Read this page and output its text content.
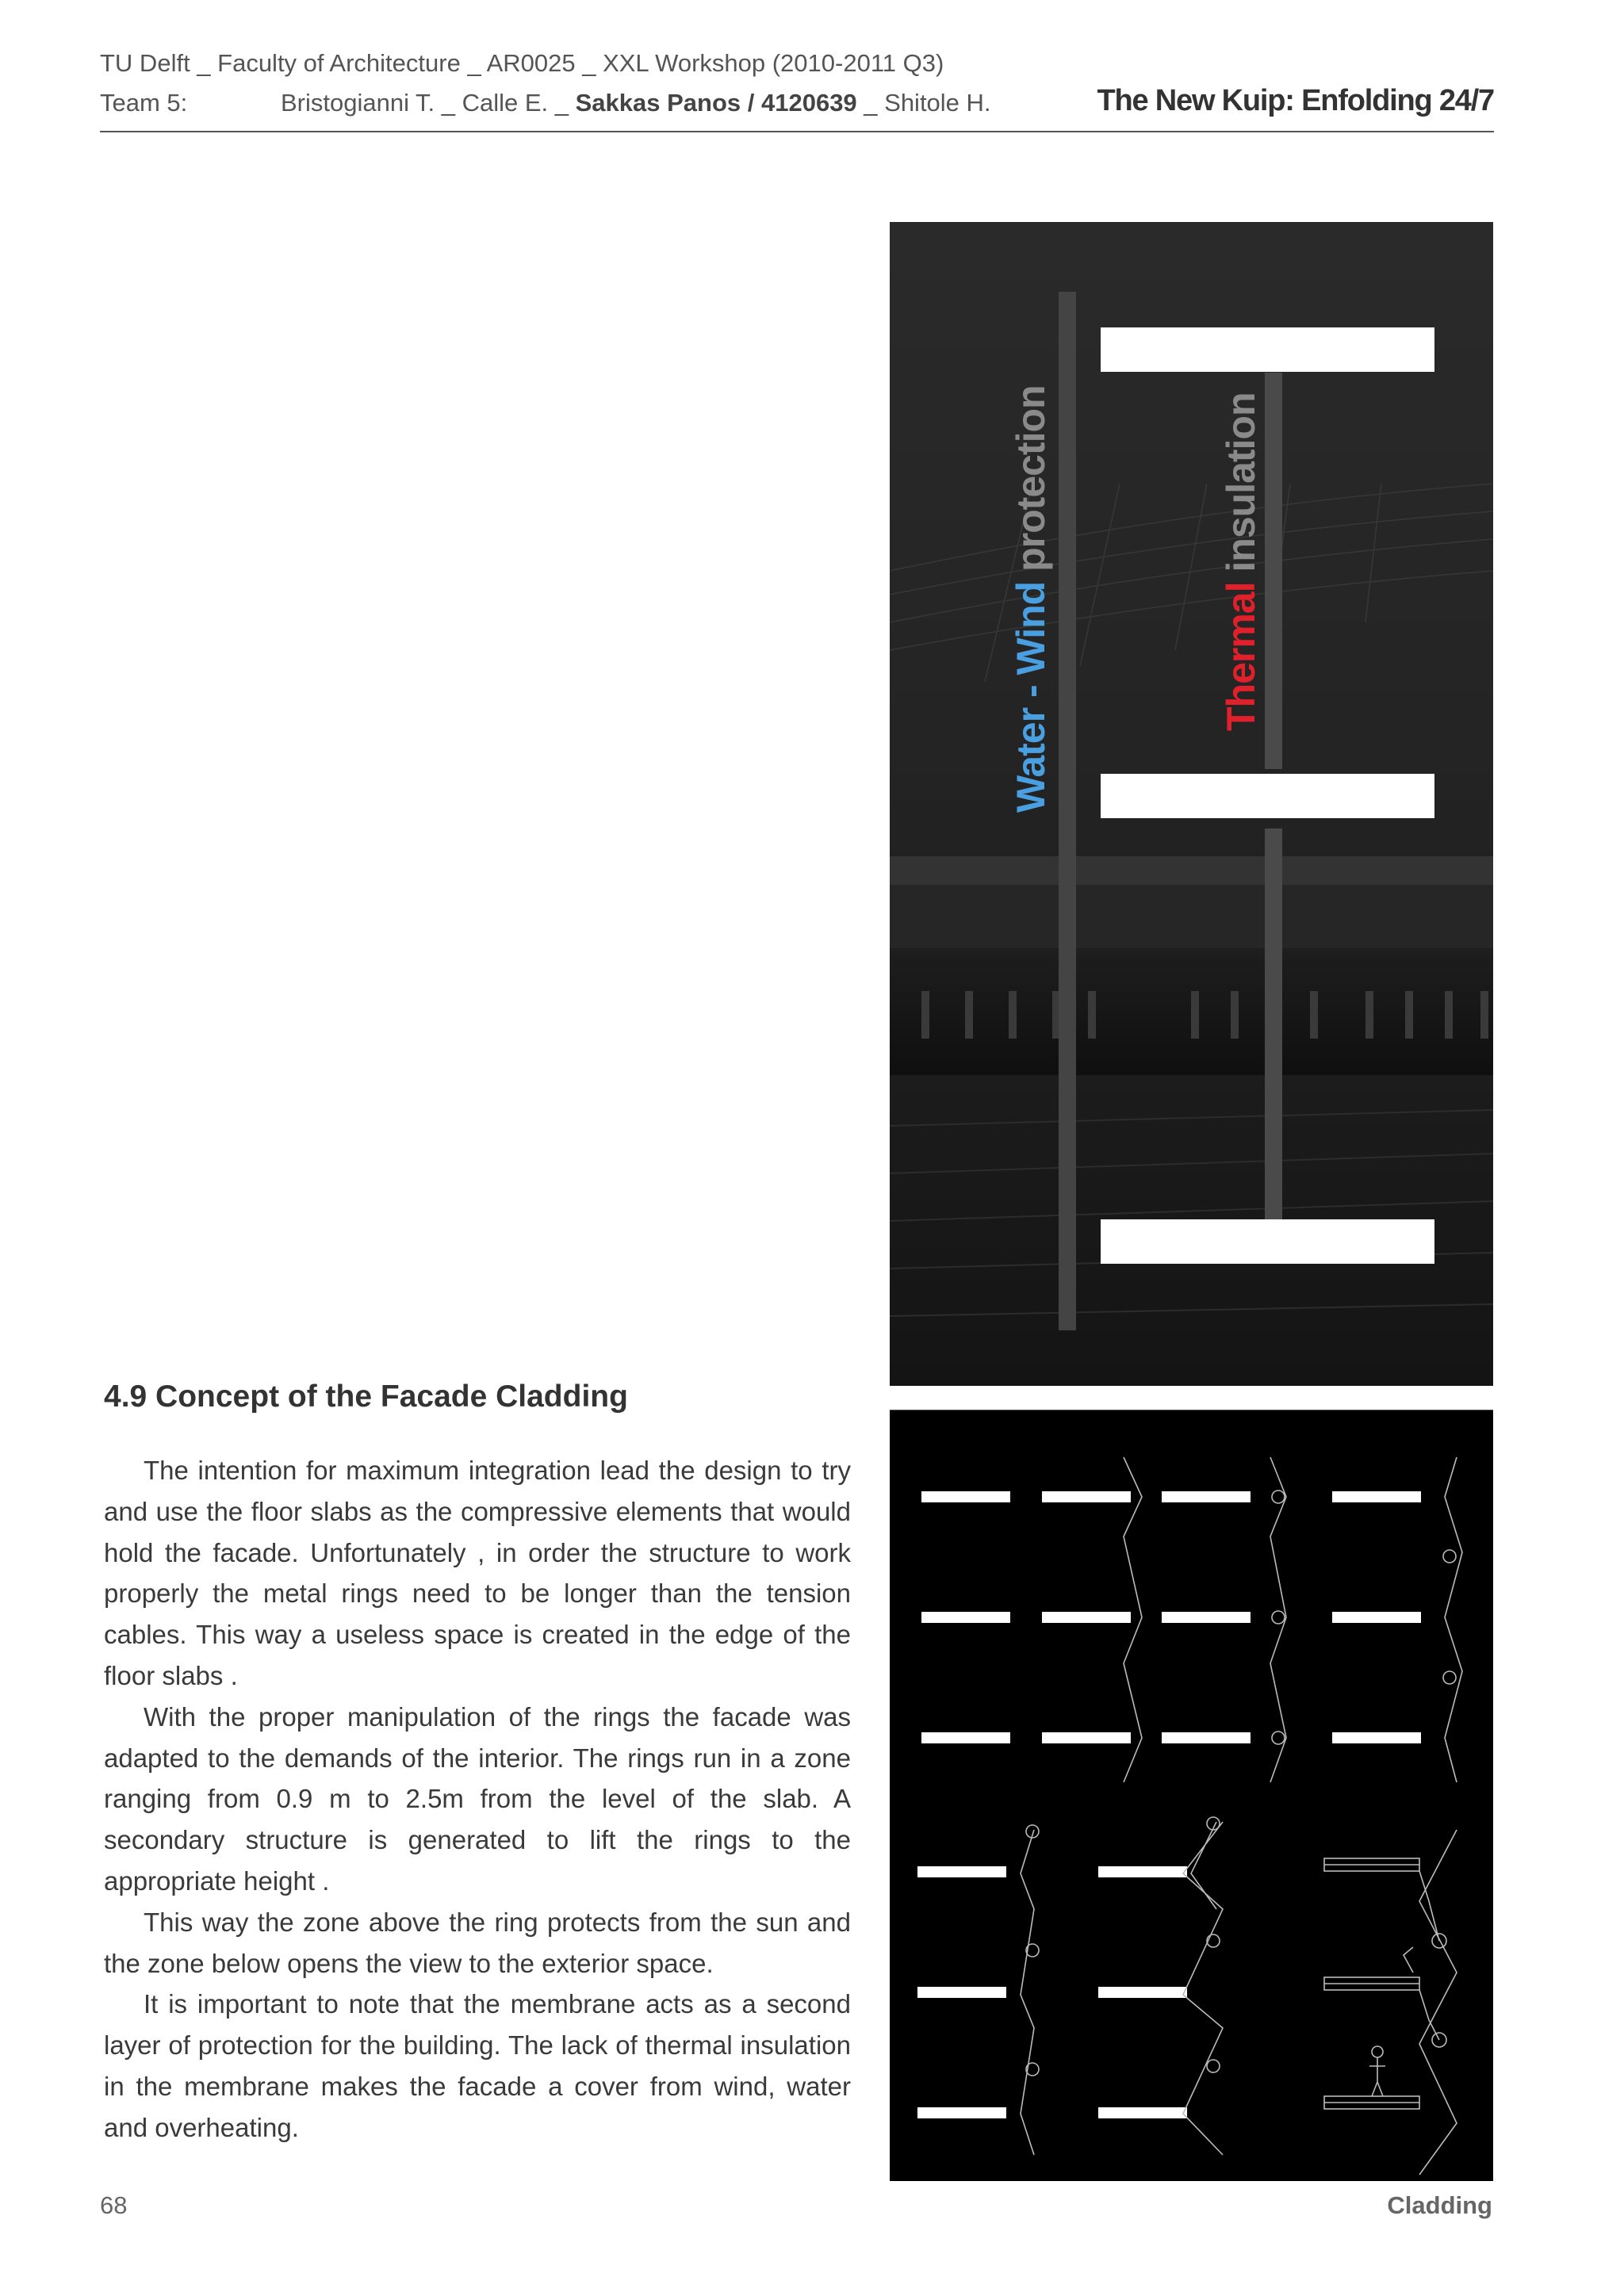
TU Delft _ Faculty of Architecture _ AR0025 _ XXL Workshop (2010-2011 Q3)
Team 5:	Bristogianni T. _ Calle E. _ Sakkas Panos / 4120639 _ Shitole H.	The New Kuip: Enfolding 24/7
Water - Wind protection
Thermal insulation
4.9 Concept of the Facade Cladding

The intention for maximum integration lead the design to try and use the floor slabs as the compressive elements that would hold the facade. Unfortunately , in order the structure to work properly the metal rings need to be longer than the tension cables. This way a useless space is created in the edge of the floor slabs .

With the proper manipulation of the rings the facade was adapted to the demands of the interior. The rings run in a zone ranging from 0.9 m to 2.5m from the level of the slab. A secondary structure is generated to lift the rings to the appropriate height .

This way the zone above the ring protects from the sun and the zone below opens the view to the exterior space.

It is important to note that the membrane acts as a second layer of protection for the building. The lack of thermal insulation in the membrane makes the facade a cover from wind, water and overheating.

68	Cladding
